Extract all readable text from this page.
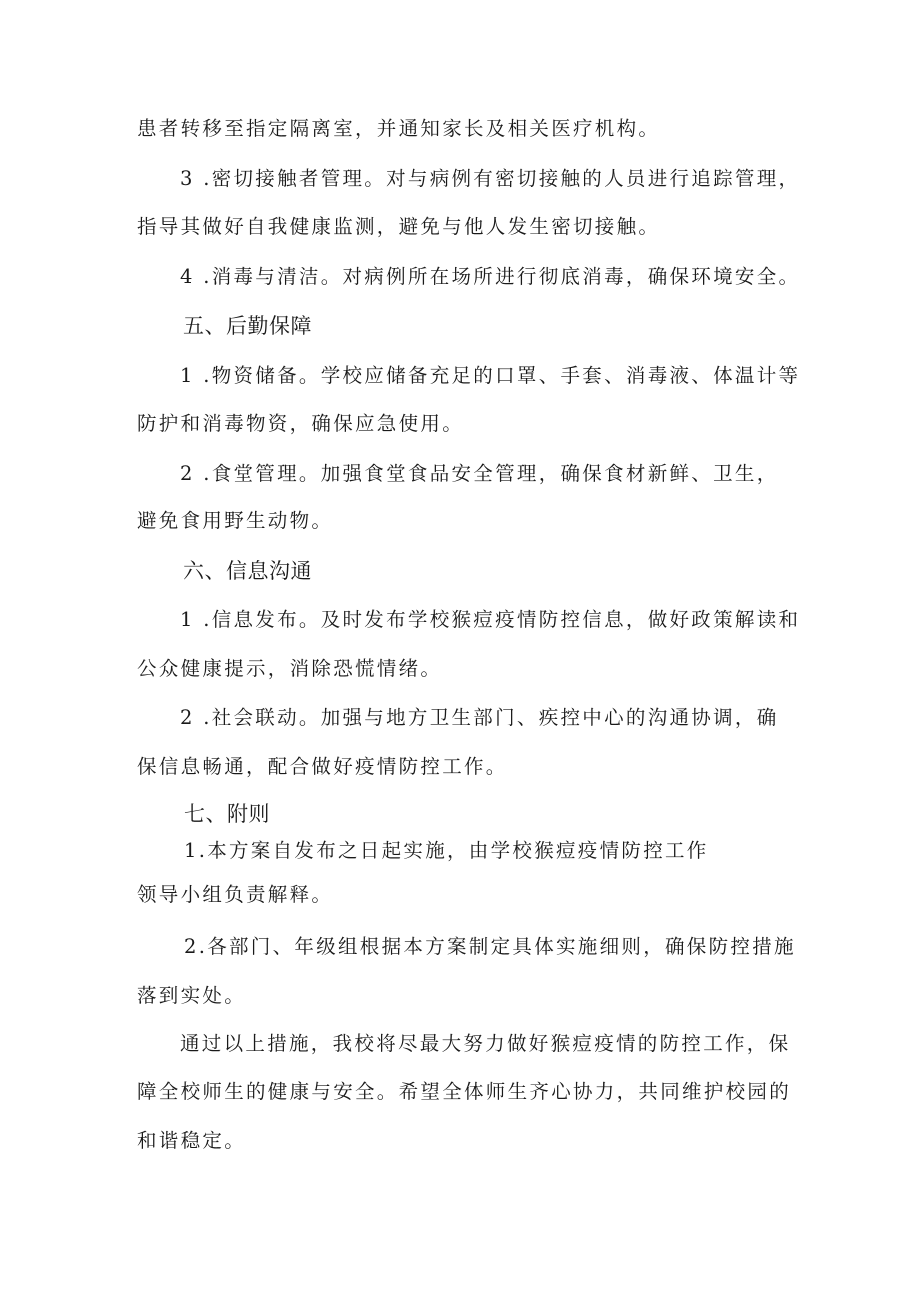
患者转移至指定隔离室，并通知家长及相关医疗机构。
3 .密切接触者管理。对与病例有密切接触的人员进行追踪管理，
指导其做好自我健康监测，避免与他人发生密切接触。
4 .消毒与清洁。对病例所在场所进行彻底消毒，确保环境安全。
五、后勤保障
1 .物资储备。学校应储备充足的口罩、手套、消毒液、体温计等
防护和消毒物资，确保应急使用。
2 .食堂管理。加强食堂食品安全管理，确保食材新鲜、卫生，
避免食用野生动物。
六、信息沟通
1 .信息发布。及时发布学校猴痘疫情防控信息，做好政策解读和
公众健康提示，消除恐慌情绪。
2 .社会联动。加强与地方卫生部门、疾控中心的沟通协调，确
保信息畅通，配合做好疫情防控工作。
七、附则
1.本方案自发布之日起实施，由学校猴痘疫情防控工作
领导小组负责解释。
2.各部门、年级组根据本方案制定具体实施细则，确保防控措施
落到实处。
通过以上措施，我校将尽最大努力做好猴痘疫情的防控工作，保
障全校师生的健康与安全。希望全体师生齐心协力，共同维护校园的
和谐稳定。
